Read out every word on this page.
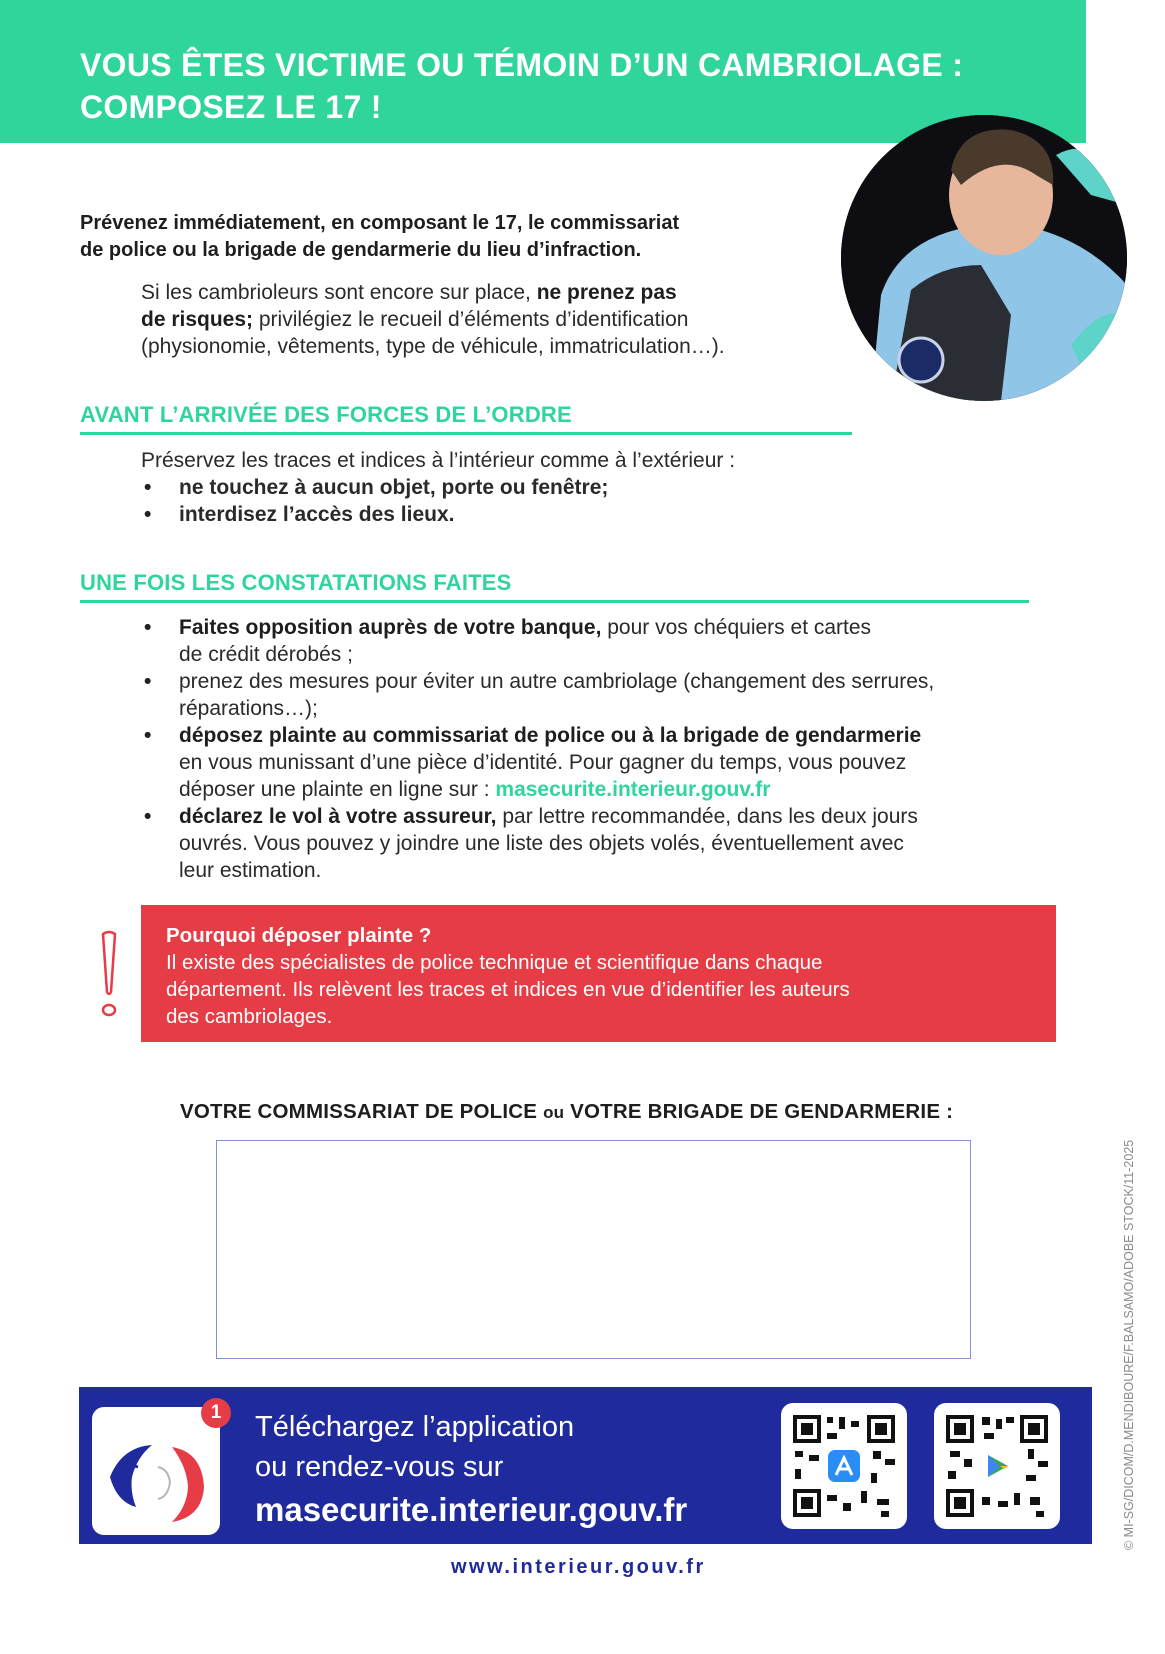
VOUS ÊTES VICTIME OU TÉMOIN D’UN CAMBRIOLAGE :
COMPOSEZ LE 17 !
Prévenez immédiatement, en composant le 17, le commissariat
de police ou la brigade de gendarmerie du lieu d’infraction.
Si les cambrioleurs sont encore sur place, ne prenez pas
de risques; privilégiez le recueil d’éléments d’identification
(physionomie, vêtements, type de véhicule, immatriculation…).
AVANT L’ARRIVÉE DES FORCES DE L’ORDRE
Préservez les traces et indices à l’intérieur comme à l’extérieur :
• ne touchez à aucun objet, porte ou fenêtre;
• interdisez l’accès des lieux.
UNE FOIS LES CONSTATATIONS FAITES
• Faites opposition auprès de votre banque, pour vos chéquiers et cartes
de crédit dérobés ;
• prenez des mesures pour éviter un autre cambriolage (changement des serrures,
réparations…);
• déposez plainte au commissariat de police ou à la brigade de gendarmerie
en vous munissant d’une pièce d’identité. Pour gagner du temps, vous pouvez
déposer une plainte en ligne sur : masecurite.interieur.gouv.fr
• déclarez le vol à votre assureur, par lettre recommandée, dans les deux jours
ouvrés. Vous pouvez y joindre une liste des objets volés, éventuellement avec
leur estimation.
Pourquoi déposer plainte ?
Il existe des spécialistes de police technique et scientifique dans chaque
département. Ils relèvent les traces et indices en vue d’identifier les auteurs
des cambriolages.
VOTRE COMMISSARIAT DE POLICE ou VOTRE BRIGADE DE GENDARMERIE :
© MI-SG/DICOM/D.MENDIBOURE/F.BALSAMO/ADOBE STOCK/11-2025
1	Téléchargez l’application
ou rendez-vous sur
masecurite.interieur.gouv.fr
www.interieur.gouv.fr
